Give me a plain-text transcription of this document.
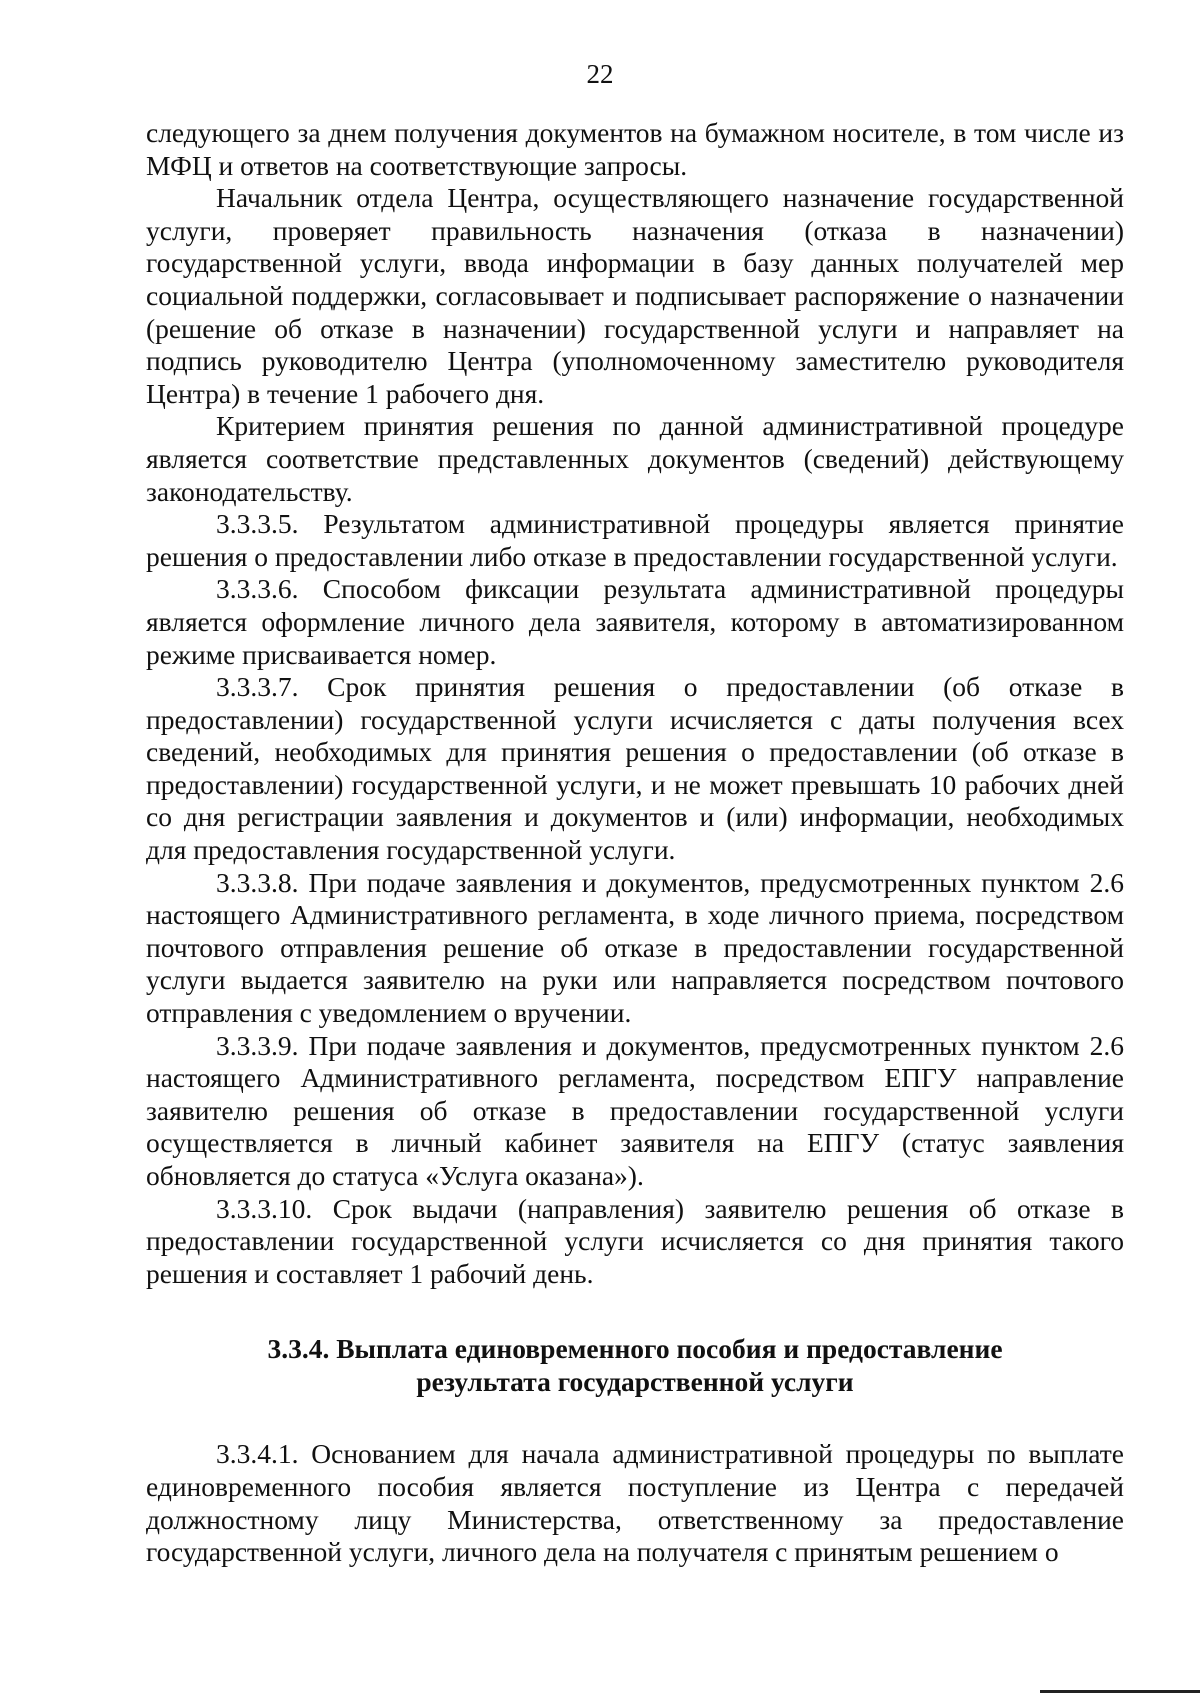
22

следующего за днем получения документов на бумажном носителе, в том числе из МФЦ и ответов на соответствующие запросы.

Начальник отдела Центра, осуществляющего назначение государственной услуги, проверяет правильность назначения (отказа в назначении) государственной услуги, ввода информации в базу данных получателей мер социальной поддержки, согласовывает и подписывает распоряжение о назначении (решение об отказе в назначении) государственной услуги и направляет на подпись руководителю Центра (уполномоченному заместителю руководителя Центра) в течение 1 рабочего дня.

Критерием принятия решения по данной административной процедуре является соответствие представленных документов (сведений) действующему законодательству.

3.3.3.5. Результатом административной процедуры является принятие решения о предоставлении либо отказе в предоставлении государственной услуги.

3.3.3.6. Способом фиксации результата административной процедуры является оформление личного дела заявителя, которому в автоматизированном режиме присваивается номер.

3.3.3.7. Срок принятия решения о предоставлении (об отказе в предоставлении) государственной услуги исчисляется с даты получения всех сведений, необходимых для принятия решения о предоставлении (об отказе в предоставлении) государственной услуги, и не может превышать 10 рабочих дней со дня регистрации заявления и документов и (или) информации, необходимых для предоставления государственной услуги.

3.3.3.8. При подаче заявления и документов, предусмотренных пунктом 2.6 настоящего Административного регламента, в ходе личного приема, посредством почтового отправления решение об отказе в предоставлении государственной услуги выдается заявителю на руки или направляется посредством почтового отправления с уведомлением о вручении.

3.3.3.9. При подаче заявления и документов, предусмотренных пунктом 2.6 настоящего Административного регламента, посредством ЕПГУ направление заявителю решения об отказе в предоставлении государственной услуги осуществляется в личный кабинет заявителя на ЕПГУ (статус заявления обновляется до статуса «Услуга оказана»).

3.3.3.10. Срок выдачи (направления) заявителю решения об отказе в предоставлении государственной услуги исчисляется со дня принятия такого решения и составляет 1 рабочий день.

3.3.4. Выплата единовременного пособия и предоставление
результата государственной услуги

3.3.4.1. Основанием для начала административной процедуры по выплате единовременного пособия является поступление из Центра с передачей должностному лицу Министерства, ответственному за предоставление государственной услуги, личного дела на получателя с принятым решением о
